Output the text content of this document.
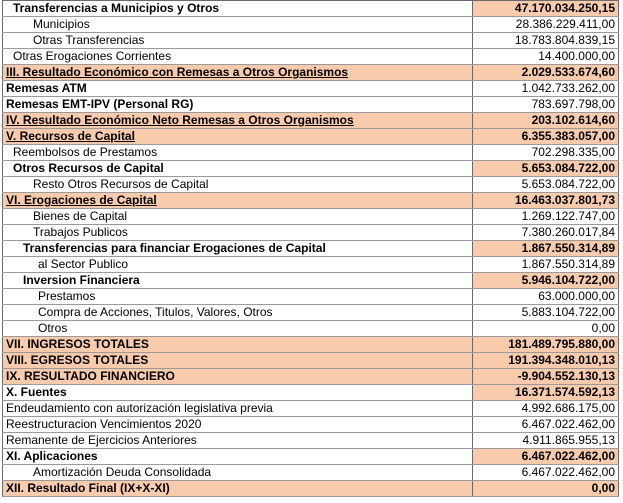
Transferencias a Municipios y Otros	47.170.034.250,15
Municipios	28.386.229.411,00
Otras Transferencias	18.783.804.839,15
Otras Erogaciones Corrientes	14.400.000,00
III. Resultado Económico con Remesas a Otros Organismos	2.029.533.674,60
Remesas ATM	1.042.733.262,00
Remesas EMT-IPV (Personal RG)	783.697.798,00
IV. Resultado Económico Neto Remesas a Otros Organismos	203.102.614,60
V. Recursos de Capital	6.355.383.057,00
Reembolsos de Prestamos	702.298.335,00
Otros Recursos de Capital	5.653.084.722,00
Resto Otros Recursos de Capital	5.653.084.722,00
VI. Erogaciones de Capital	16.463.037.801,73
Bienes de Capital	1.269.122.747,00
Trabajos Publicos	7.380.260.017,84
Transferencias para financiar Erogaciones de Capital	1.867.550.314,89
al Sector Publico	1.867.550.314,89
Inversion Financiera	5.946.104.722,00
Prestamos	63.000.000,00
Compra de Acciones, Titulos, Valores, Otros	5.883.104.722,00
Otros	0,00
VII. INGRESOS TOTALES	181.489.795.880,00
VIII. EGRESOS TOTALES	191.394.348.010,13
IX. RESULTADO FINANCIERO	-9.904.552.130,13
X. Fuentes	16.371.574.592,13
Endeudamiento con autorización legislativa previa	4.992.686.175,00
Reestructuracion Vencimientos 2020	6.467.022.462,00
Remanente de Ejercicios Anteriores	4.911.865.955,13
XI. Aplicaciones	6.467.022.462,00
Amortización Deuda Consolidada	6.467.022.462,00
XII. Resultado Final (IX+X-XI)	0,00
